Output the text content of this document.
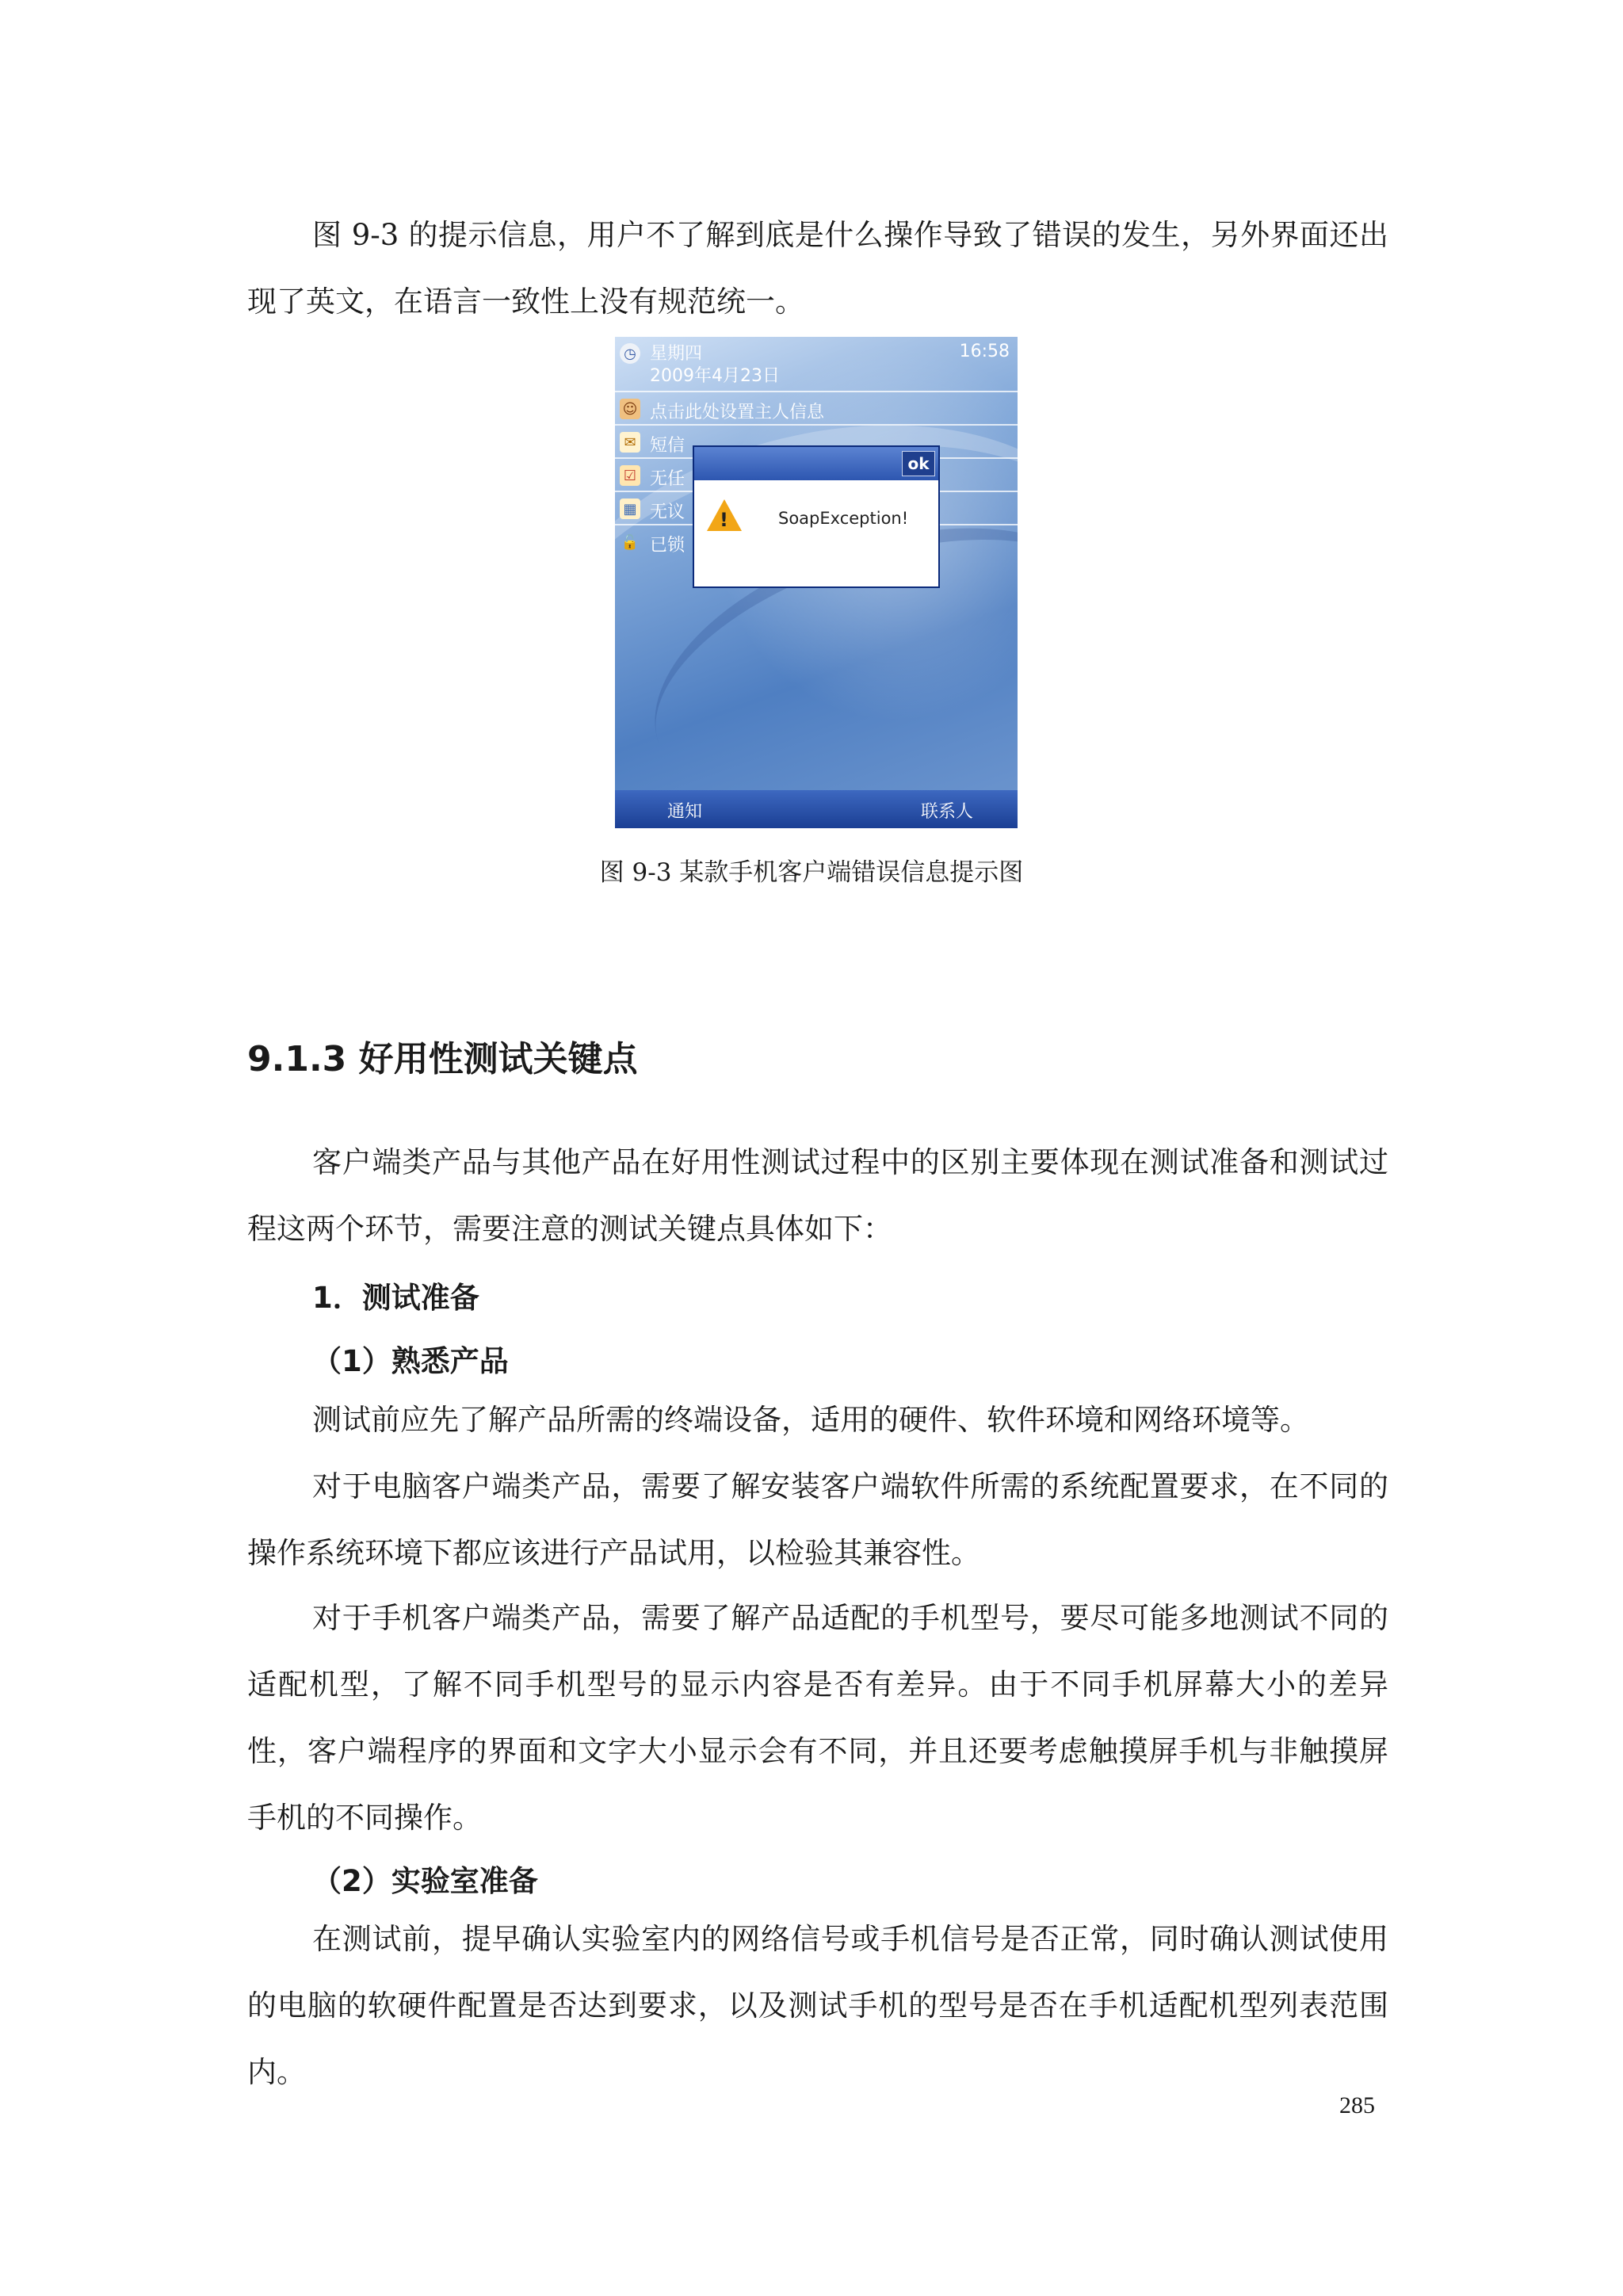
图 9-3 的提示信息，用户不了解到底是什么操作导致了错误的发生，另外界面还出现了英文，在语言一致性上没有规范统一。
◷ 星期四
2009年4月23日
16:58
☺ 点击此处设置主人信息
✉ 短信
☑ 无任
▦ 无议
🔓 已锁
ok
!	SoapException!
通知	联系人
图 9-3 某款手机客户端错误信息提示图
9.1.3 好用性测试关键点
客户端类产品与其他产品在好用性测试过程中的区别主要体现在测试准备和测试过程这两个环节，需要注意的测试关键点具体如下：
1．测试准备
（1）熟悉产品
测试前应先了解产品所需的终端设备，适用的硬件、软件环境和网络环境等。
对于电脑客户端类产品，需要了解安装客户端软件所需的系统配置要求，在不同的操作系统环境下都应该进行产品试用，以检验其兼容性。
对于手机客户端类产品，需要了解产品适配的手机型号，要尽可能多地测试不同的适配机型，了解不同手机型号的显示内容是否有差异。由于不同手机屏幕大小的差异性，客户端程序的界面和文字大小显示会有不同，并且还要考虑触摸屏手机与非触摸屏手机的不同操作。
（2）实验室准备
在测试前，提早确认实验室内的网络信号或手机信号是否正常，同时确认测试使用的电脑的软硬件配置是否达到要求，以及测试手机的型号是否在手机适配机型列表范围内。
285
